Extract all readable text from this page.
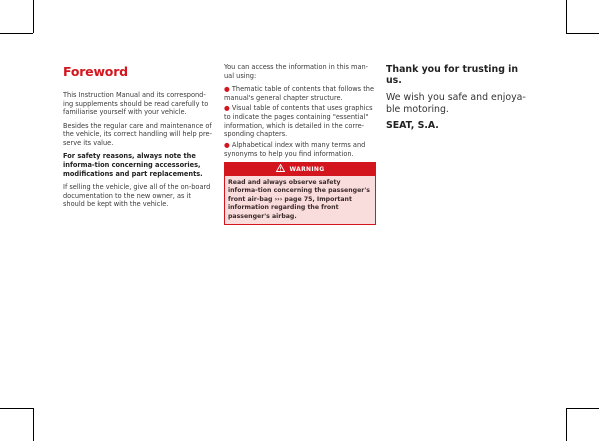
Foreword

This Instruction Manual and its correspond-ing supplements should be read carefully to familiarise yourself with your vehicle.

Besides the regular care and maintenance of the vehicle, its correct handling will help pre-serve its value.

For safety reasons, always note the informa-tion concerning accessories, modifications and part replacements.

If selling the vehicle, give all of the on-board documentation to the new owner, as it should be kept with the vehicle.

You can access the information in this man-ual using:

● Thematic table of contents that follows the manual's general chapter structure.
● Visual table of contents that uses graphics to indicate the pages containing "essential" information, which is detailed in the corre-sponding chapters.
● Alphabetical index with many terms and synonyms to help you find information.
WARNING
Read and always observe safety informa-tion concerning the passenger's front air-bag ››› page 75, Important information regarding the front passenger's airbag.
Thank you for trusting in us.
We wish you safe and enjoya-ble motoring.
SEAT, S.A.
